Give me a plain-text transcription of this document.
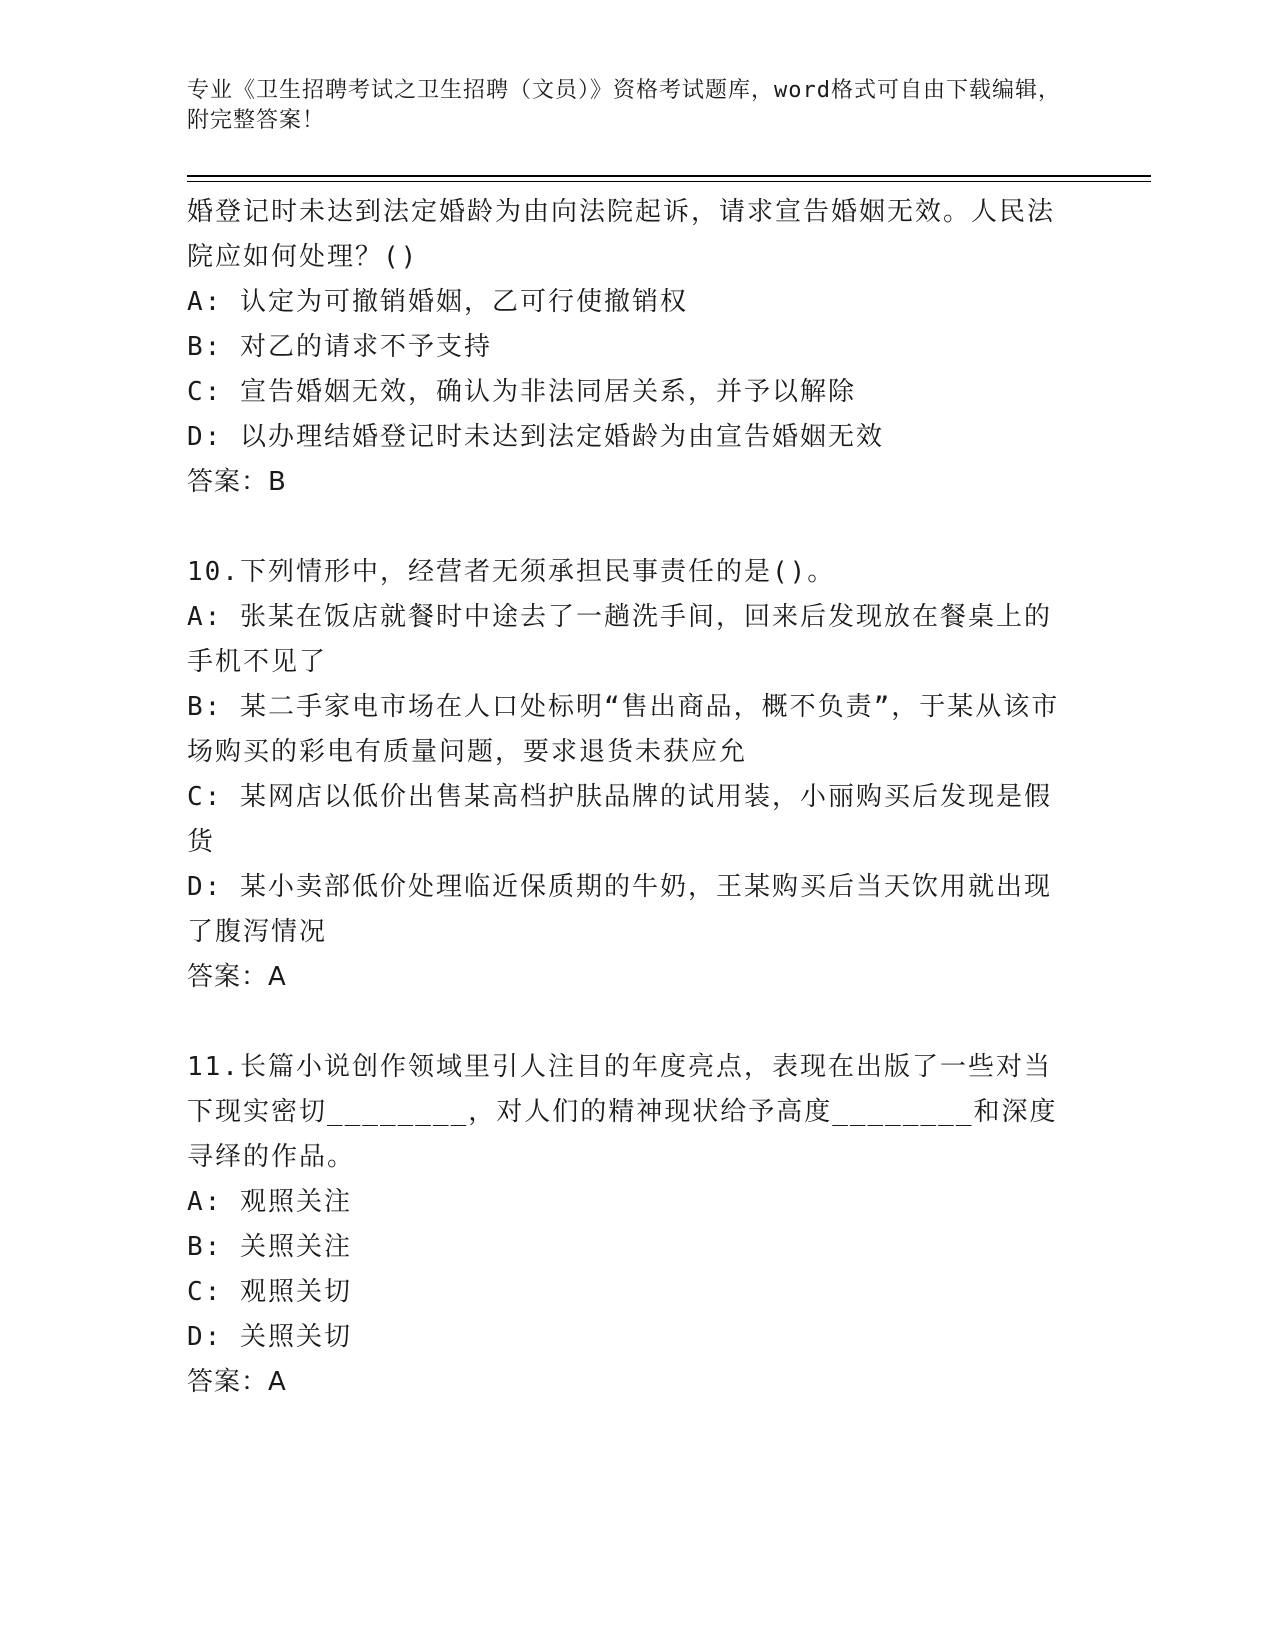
专业《卫生招聘考试之卫生招聘（文员）》资格考试题库，word格式可自由下载编辑，附完整答案！
婚登记时未达到法定婚龄为由向法院起诉，请求宣告婚姻无效。人民法院应如何处理？()
A: 认定为可撤销婚姻，乙可行使撤销权
B: 对乙的请求不予支持
C: 宣告婚姻无效，确认为非法同居关系，并予以解除
D: 以办理结婚登记时未达到法定婚龄为由宣告婚姻无效
答案：B
10.下列情形中，经营者无须承担民事责任的是()。
A: 张某在饭店就餐时中途去了一趟洗手间，回来后发现放在餐桌上的手机不见了
B: 某二手家电市场在人口处标明“售出商品，概不负责”，于某从该市场购买的彩电有质量问题，要求退货未获应允
C: 某网店以低价出售某高档护肤品牌的试用装，小丽购买后发现是假货
D: 某小卖部低价处理临近保质期的牛奶，王某购买后当天饮用就出现了腹泻情况
答案：A
11.长篇小说创作领域里引人注目的年度亮点，表现在出版了一些对当下现实密切________，对人们的精神现状给予高度________和深度寻绎的作品。
A: 观照关注
B: 关照关注
C: 观照关切
D: 关照关切
答案：A
